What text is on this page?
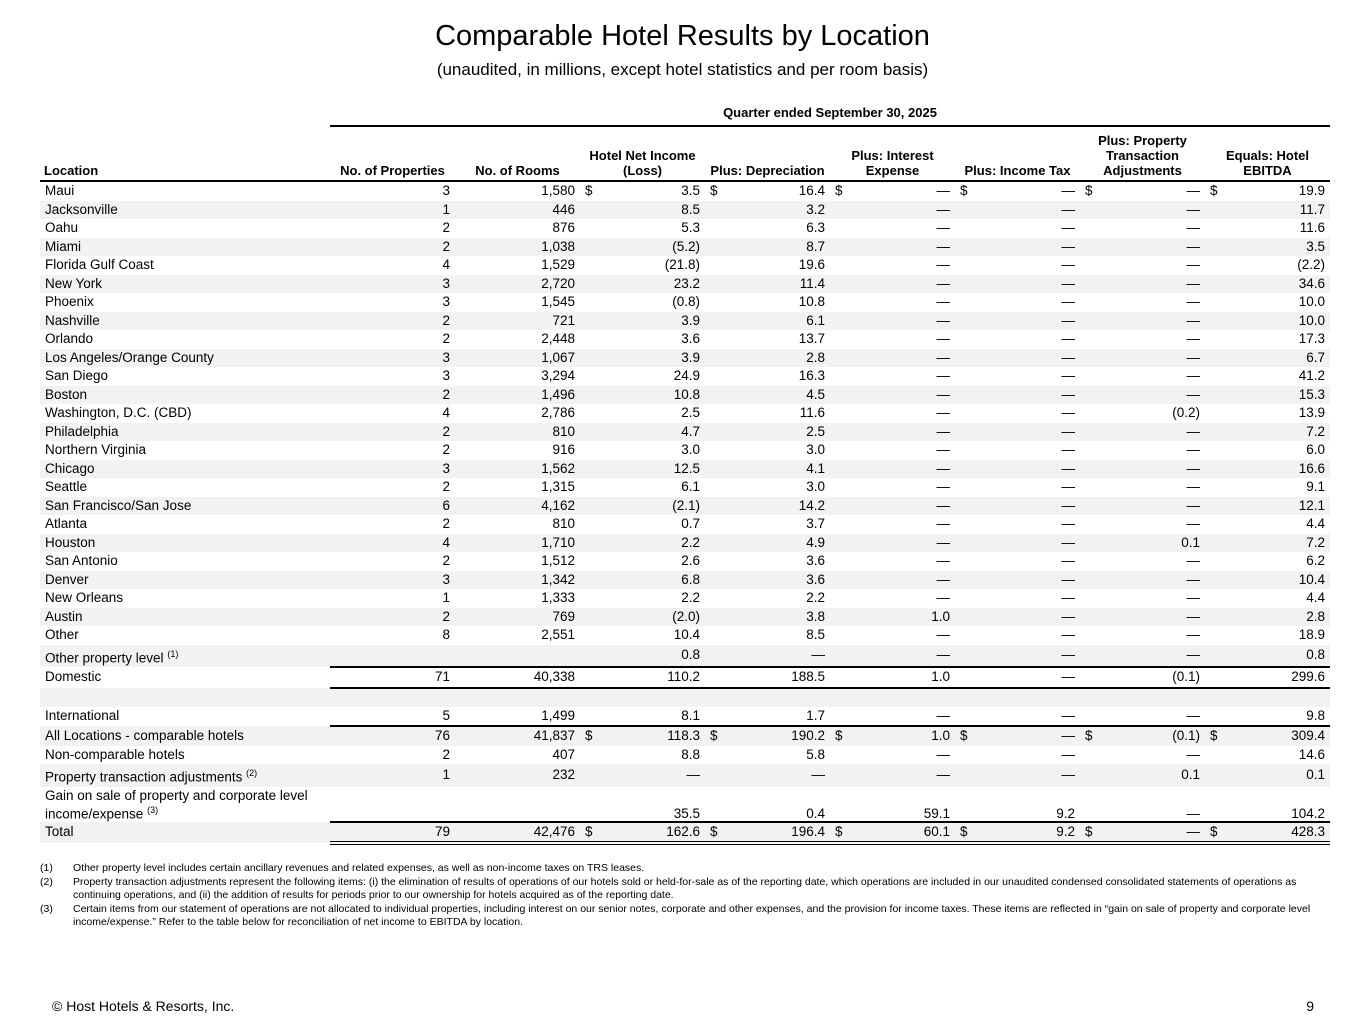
Comparable Hotel Results by Location
(unaudited, in millions, except hotel statistics and per room basis)
Quarter ended September 30, 2025
Location	No. of Properties	No. of Rooms	Hotel Net Income (Loss)	Plus: Depreciation	Plus: Interest Expense	Plus: Income Tax	Plus: Property Transaction Adjustments	Equals: Hotel EBITDA
Maui	3	1,580	$ 3.5	$ 16.4	$ —	$ —	$ —	$ 19.9
Jacksonville	1	446	8.5	3.2	—	—	—	11.7
Oahu	2	876	5.3	6.3	—	—	—	11.6
Miami	2	1,038	(5.2)	8.7	—	—	—	3.5
Florida Gulf Coast	4	1,529	(21.8)	19.6	—	—	—	(2.2)
New York	3	2,720	23.2	11.4	—	—	—	34.6
Phoenix	3	1,545	(0.8)	10.8	—	—	—	10.0
Nashville	2	721	3.9	6.1	—	—	—	10.0
Orlando	2	2,448	3.6	13.7	—	—	—	17.3
Los Angeles/Orange County	3	1,067	3.9	2.8	—	—	—	6.7
San Diego	3	3,294	24.9	16.3	—	—	—	41.2
Boston	2	1,496	10.8	4.5	—	—	—	15.3
Washington, D.C. (CBD)	4	2,786	2.5	11.6	—	—	(0.2)	13.9
Philadelphia	2	810	4.7	2.5	—	—	—	7.2
Northern Virginia	2	916	3.0	3.0	—	—	—	6.0
Chicago	3	1,562	12.5	4.1	—	—	—	16.6
Seattle	2	1,315	6.1	3.0	—	—	—	9.1
San Francisco/San Jose	6	4,162	(2.1)	14.2	—	—	—	12.1
Atlanta	2	810	0.7	3.7	—	—	—	4.4
Houston	4	1,710	2.2	4.9	—	—	0.1	7.2
San Antonio	2	1,512	2.6	3.6	—	—	—	6.2
Denver	3	1,342	6.8	3.6	—	—	—	10.4
New Orleans	1	1,333	2.2	2.2	—	—	—	4.4
Austin	2	769	(2.0)	3.8	1.0	—	—	2.8
Other	8	2,551	10.4	8.5	—	—	—	18.9
Other property level $^{(1)}$			0.8	—	—	—	—	0.8
Domestic	71	40,338	110.2	188.5	1.0	—	(0.1)	299.6

International	5	1,499	8.1	1.7	—	—	—	9.8
All Locations - comparable hotels	76	41,837	$ 118.3	$ 190.2	$ 1.0	$ —	$ (0.1)	$ 309.4
Non-comparable hotels	2	407	8.8	5.8	—	—	—	14.6
Property transaction adjustments $^{(2)}$	1	232	—	—	—	—	0.1	0.1
Gain on sale of property and corporate level
income/expense $^{(3)}$			35.5	0.4	59.1	9.2	—	104.2
Total	79	42,476	$ 162.6	$ 196.4	$ 60.1	$ 9.2	$ —	$ 428.3
(1)	Other property level includes certain ancillary revenues and related expenses, as well as non-income taxes on TRS leases.
(2)	Property transaction adjustments represent the following items: (i) the elimination of results of operations of our hotels sold or held-for-sale as of the reporting date, which operations are included in our unaudited condensed consolidated statements of operations as continuing operations, and (ii) the addition of results for periods prior to our ownership for hotels acquired as of the reporting date.
(3)	Certain items from our statement of operations are not allocated to individual properties, including interest on our senior notes, corporate and other expenses, and the provision for income taxes. These items are reflected in “gain on sale of property and corporate level income/expense.” Refer to the table below for reconciliation of net income to EBITDA by location.
© Host Hotels & Resorts, Inc.	9
